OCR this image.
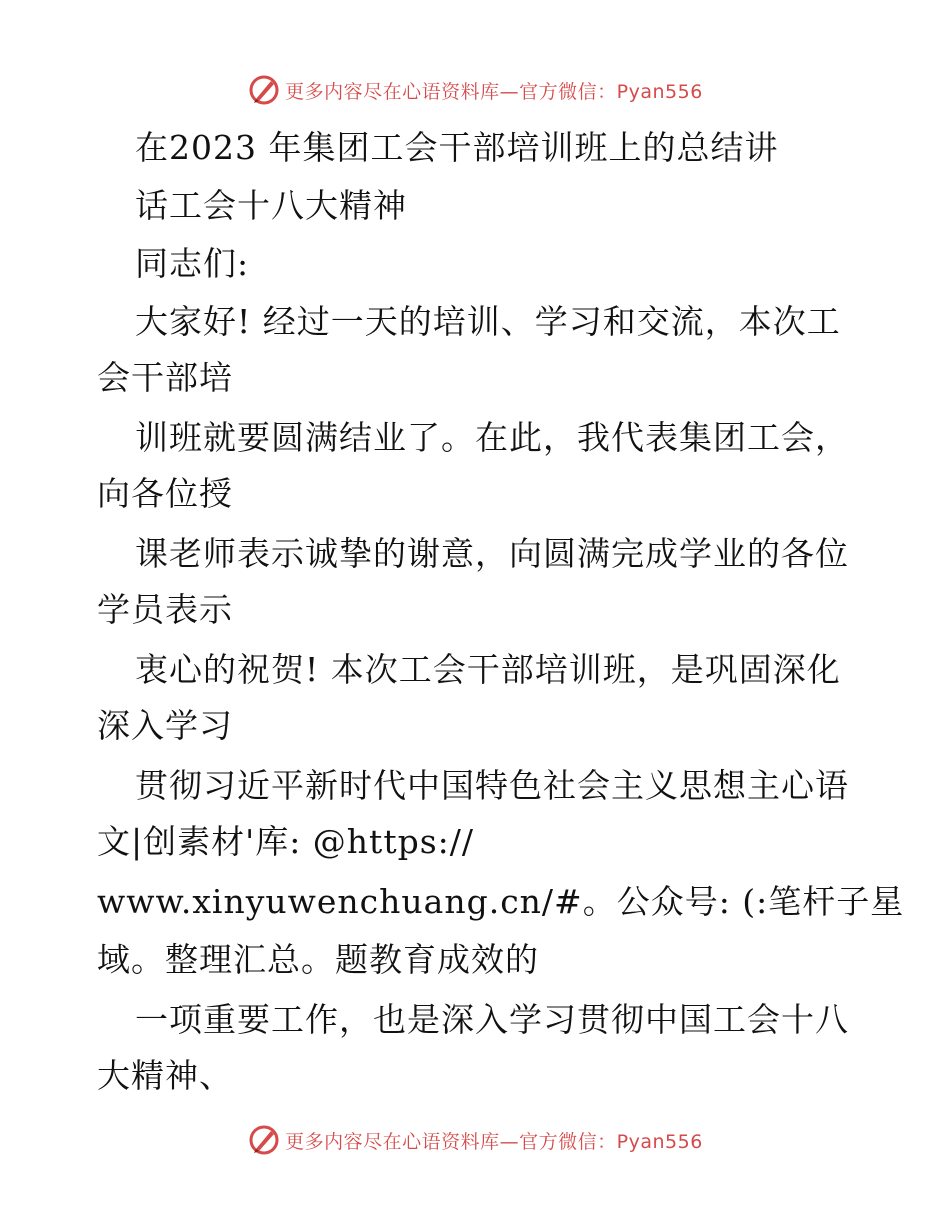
更多内容尽在心语资料库—官方微信：Pyan556
在2023 年集团工会干部培训班上的总结讲
话工会十八大精神
同志们:
大家好! 经过一天的培训、学习和交流，本次工
会干部培
训班就要圆满结业了。在此，我代表集团工会，
向各位授
课老师表示诚挚的谢意，向圆满完成学业的各位
学员表示
衷心的祝贺! 本次工会干部培训班，是巩固深化
深入学习
贯彻习近平新时代中国特色社会主义思想主心语
文|创素材'库: @https://
www.xinyuwenchuang.cn/#。公众号: (:笔杆子星
域。整理汇总。题教育成效的
一项重要工作，也是深入学习贯彻中国工会十八
大精神、
更多内容尽在心语资料库—官方微信：Pyan556
